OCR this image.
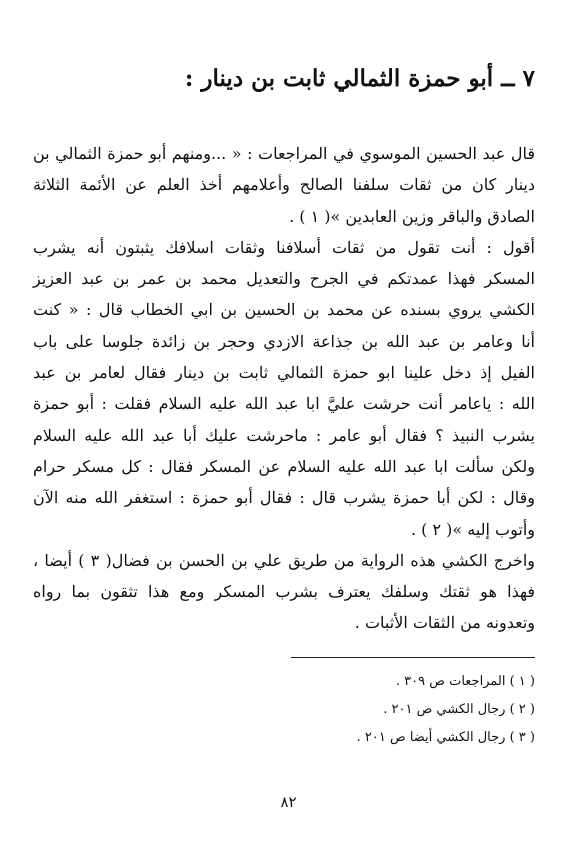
٧ ــ أبو حمزة الثمالي ثابت بن دينار :
قال عبد الحسين الموسوي في المراجعات : « ...ومنهم أبو حمزة الثمالي بن
دينار كان من ثقات سلفنا الصالح وأعلامهم أخذ العلم عن الأئمة الثلاثة
الصادق والباقر وزين العابدين »( ١ ) .
أقول : أنت تقول من ثقات أسلافنا وثقات اسلافك يثبتون أنه يشرب
المسكر فهذا عمدتكم في الجرح والتعديل محمد بن عمر بن عبد العزيز
الكشي يروي بسنده عن محمد بن الحسين بن ابي الخطاب قال : « كنت
أنا وعامر بن عبد الله بن جذاعة الازدي وحجر بن زائدة جلوسا على باب
الفيل إذ دخل علينا ابو حمزة الثمالي ثابت بن دينار فقال لعامر بن عبد
الله : ياعامر أنت حرشت عليَّ ابا عبد الله عليه السلام فقلت : أبو حمزة
يشرب النبيذ ؟ فقال أبو عامر : ماحرشت عليك أبا عبد الله عليه السلام
ولكن سألت ابا عبد الله عليه السلام عن المسكر فقال : كل مسكر حرام
وقال : لكن أبا حمزة يشرب قال : فقال أبو حمزة : استغفر الله منه الآن
وأتوب إليه »( ٢ ) .
واخرج الكشي هذه الرواية من طريق علي بن الحسن بن فضال( ٣ ) أيضا ،
فهذا هو ثقتك وسلفك يعترف بشرب المسكر ومع هذا تثقون بما رواه
وتعدونه من الثقات الأثبات .
( ١ ) المراجعات ص ٣٠٩ .
( ٢ ) رجال الكشي ص ٢٠١ .
( ٣ ) رجال الكشي أيضا ص ٢٠١ .
٨٢
